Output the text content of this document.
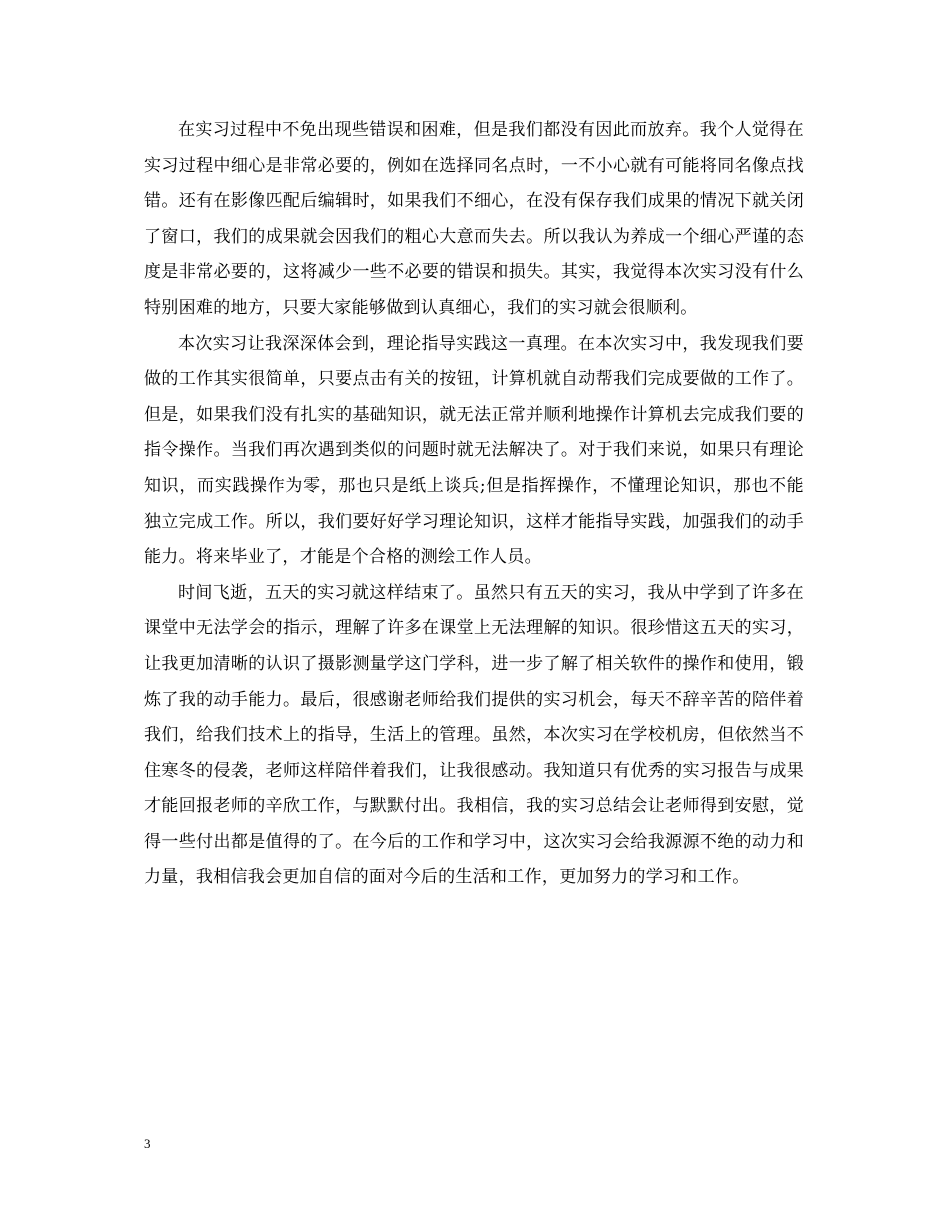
在实习过程中不免出现些错误和困难，但是我们都没有因此而放弃。我个人觉得在实习过程中细心是非常必要的，例如在选择同名点时，一不小心就有可能将同名像点找错。还有在影像匹配后编辑时，如果我们不细心，在没有保存我们成果的情况下就关闭了窗口，我们的成果就会因我们的粗心大意而失去。所以我认为养成一个细心严谨的态度是非常必要的，这将减少一些不必要的错误和损失。其实，我觉得本次实习没有什么特别困难的地方，只要大家能够做到认真细心，我们的实习就会很顺利。

本次实习让我深深体会到，理论指导实践这一真理。在本次实习中，我发现我们要做的工作其实很简单，只要点击有关的按钮，计算机就自动帮我们完成要做的工作了。但是，如果我们没有扎实的基础知识，就无法正常并顺利地操作计算机去完成我们要的指令操作。当我们再次遇到类似的问题时就无法解决了。对于我们来说，如果只有理论知识，而实践操作为零，那也只是纸上谈兵;但是指挥操作，不懂理论知识，那也不能独立完成工作。所以，我们要好好学习理论知识，这样才能指导实践，加强我们的动手能力。将来毕业了，才能是个合格的测绘工作人员。

时间飞逝，五天的实习就这样结束了。虽然只有五天的实习，我从中学到了许多在课堂中无法学会的指示，理解了许多在课堂上无法理解的知识。很珍惜这五天的实习，让我更加清晰的认识了摄影测量学这门学科，进一步了解了相关软件的操作和使用，锻炼了我的动手能力。最后，很感谢老师给我们提供的实习机会，每天不辞辛苦的陪伴着我们，给我们技术上的指导，生活上的管理。虽然，本次实习在学校机房，但依然当不住寒冬的侵袭，老师这样陪伴着我们，让我很感动。我知道只有优秀的实习报告与成果才能回报老师的辛欣工作，与默默付出。我相信，我的实习总结会让老师得到安慰，觉得一些付出都是值得的了。在今后的工作和学习中，这次实习会给我源源不绝的动力和力量，我相信我会更加自信的面对今后的生活和工作，更加努力的学习和工作。

3
